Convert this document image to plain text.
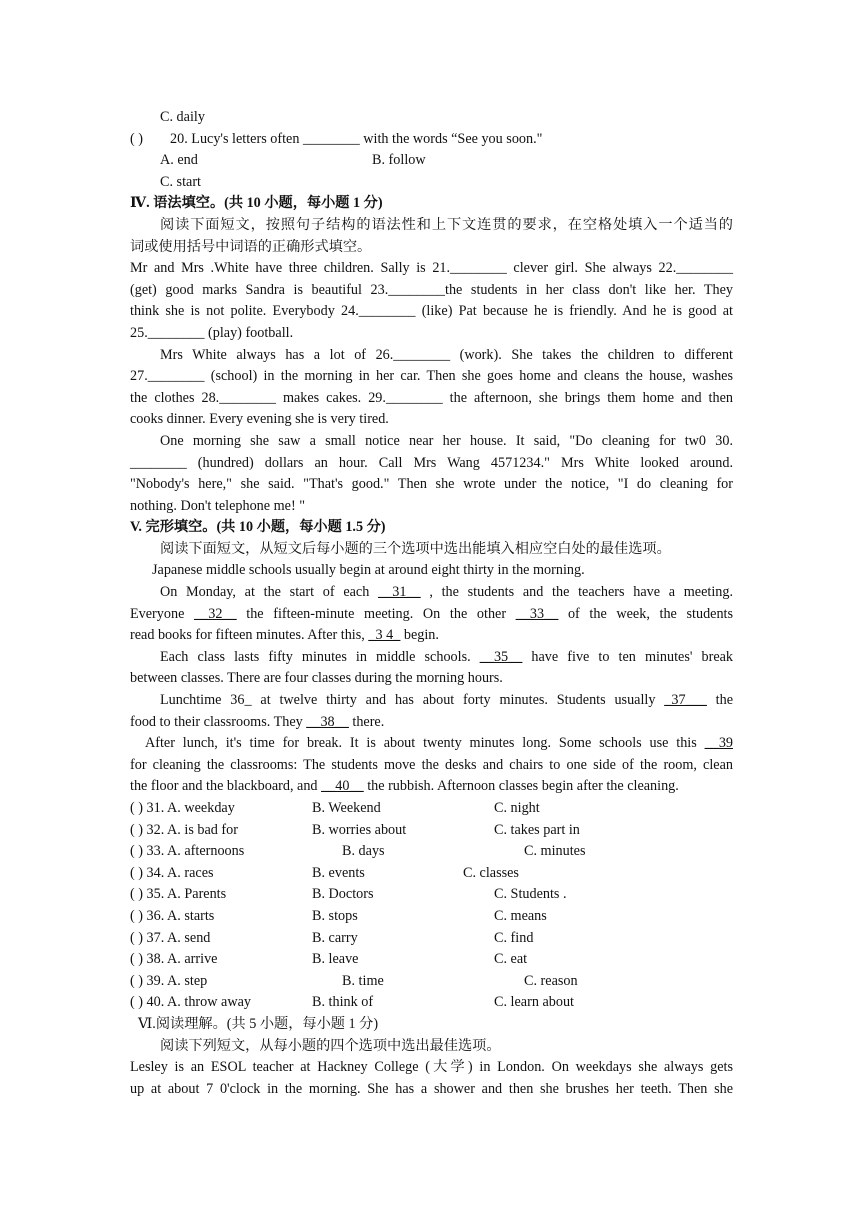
C. daily
( ) 20. Lucy's letters often ________ with the words “See you soon."
A. end	B. follow
C. start
Ⅳ. 语法填空。(共 10 小题，每小题 1 分)
阅读下面短文，按照句子结构的语法性和上下文连贯的要求，在空格处填入一个适当的
词或使用括号中词语的正确形式填空。
Mr and Mrs .White have three children. Sally is 21.________ clever girl. She always 22.________
(get) good marks Sandra is beautiful 23.________the students in her class don't like her. They
think she is not polite. Everybody 24.________ (like) Pat because he is friendly. And he is good at
25.________ (play) football.
Mrs White always has a lot of 26.________ (work). She takes the children to different
27.________ (school) in the morning in her car. Then she goes home and cleans the house, washes
the clothes 28.________ makes cakes. 29.________ the afternoon, she brings them home and then
cooks dinner. Every evening she is very tired.
One morning she saw a small notice near her house. It said, "Do cleaning for tw0 30.
________ (hundred) dollars an hour. Call Mrs Wang 4571234." Mrs White looked around.
"Nobody's here," she said. "That's good." Then she wrote under the notice, "I do cleaning for
nothing. Don't telephone me! "
V. 完形填空。(共 10 小题，每小题 1.5 分)
阅读下面短文，从短文后每小题的三个选项中选出能填入相应空白处的最佳选项。
Japanese middle schools usually begin at around eight thirty in the morning.
On Monday, at the start of each __31__ , the students and the teachers have a meeting.
Everyone __32__ the fifteen-minute meeting. On the other __33__ of the week, the students
read books for fifteen minutes. After this, _3 4_ begin.
Each class lasts fifty minutes in middle schools. __35__ have five to ten minutes' break
between classes. There are four classes during the morning hours.
Lunchtime 36_ at twelve thirty and has about forty minutes. Students usually _37___ the
food to their classrooms. They __38__ there.
After lunch, it's time for break. It is about twenty minutes long. Some schools use this __39
for cleaning the classrooms: The students move the desks and chairs to one side of the room, clean
the floor and the blackboard, and __40__ the rubbish. Afternoon classes begin after the cleaning.
( ) 31. A. weekday	B. Weekend	C. night
( ) 32. A. is bad for	B. worries about	C. takes part in
( ) 33. A. afternoons	B. days	C. minutes
( ) 34. A. races	B. events	C. classes
( ) 35. A. Parents	B. Doctors	C. Students .
( ) 36. A. starts	B. stops	C. means
( ) 37. A. send	B. carry	C. find
( ) 38. A. arrive	B. leave	C. eat
( ) 39. A. step	B. time	C. reason
( ) 40. A. throw away	B. think of	C. learn about
Ⅵ.阅读理解。(共 5 小题，每小题 1 分)
阅读下列短文，从每小题的四个选项中选出最佳选项。
Lesley is an ESOL teacher at Hackney College (大学) in London. On weekdays she always gets
up at about 7 0'clock in the morning. She has a shower and then she brushes her teeth. Then she
